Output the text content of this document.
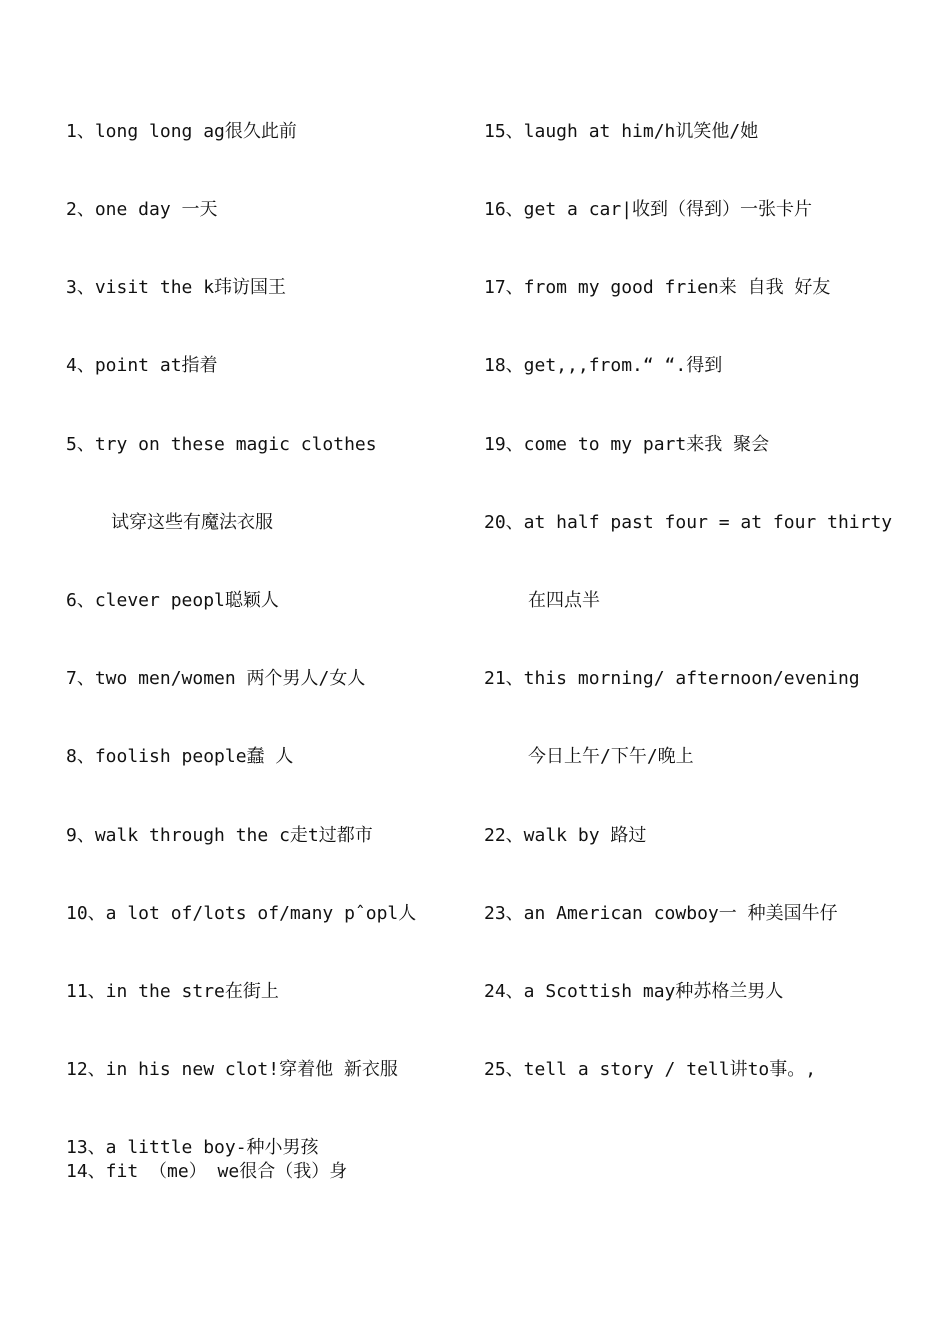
1、long long ag很久此前
2、one day 一天
3、visit the k玮访国王
4、point at指着
5、try on these magic clothes
试穿这些有魔法衣服
6、clever peopl聪颖人
7、two men/women 两个男人/女人
8、foolish people蠢 人
9、walk through the c走t过都市
10、a lot of/lots of/many pˆopl人
11、in the stre在街上
12、in his new clot!穿着他 新衣服
13、a little boy-种小男孩
14、fit （me） we很合（我）身
15、laugh at him/h讥笑他/她
16、get a car|收到（得到）一张卡片
17、from my good frien来 自我 好友
18、get,,,from.“ “.得到
19、come to my part来我 聚会
20、at half past four = at four thirty
在四点半
21、this morning/ afternoon/evening
今日上午/下午/晚上
22、walk by 路过
23、an American cowboy一 种美国牛仔
24、a Scottish may种苏格兰男人
25、tell a story / tell讲to事。,
